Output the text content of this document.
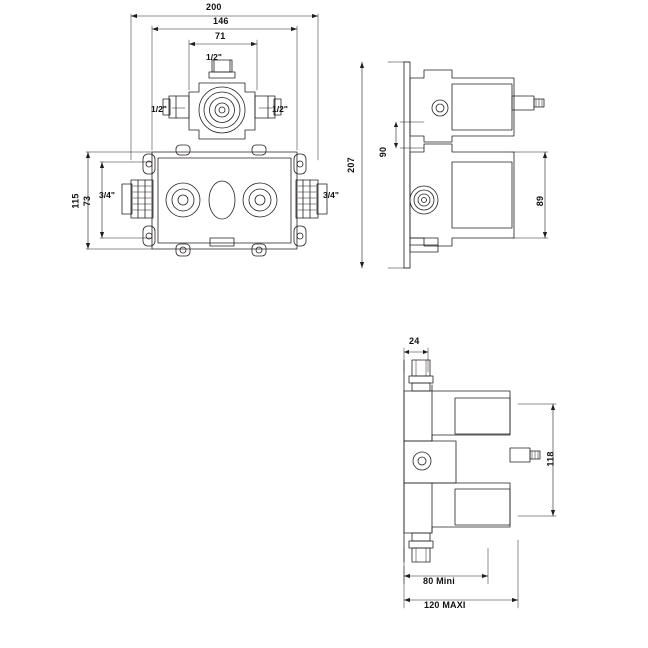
200
146
71
115 73
1/2"
1/2"	1/2"
3/4"	3/4"
207
90
89
24
118
80 Mini
120 MAXI
